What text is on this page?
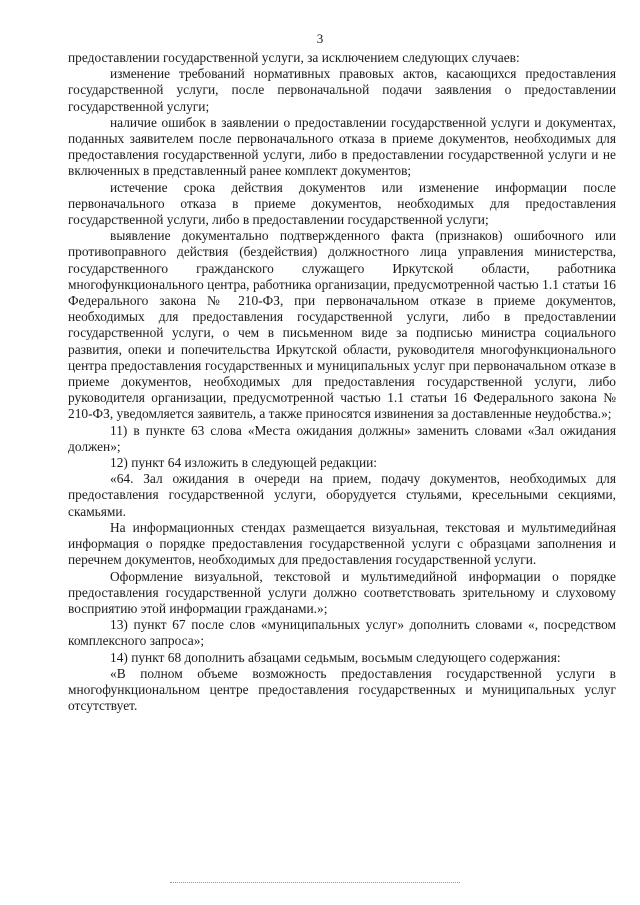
3

предоставлении государственной услуги, за исключением следующих случаев:

изменение требований нормативных правовых актов, касающихся предоставления государственной услуги, после первоначальной подачи заявления о предоставлении государственной услуги;

наличие ошибок в заявлении о предоставлении государственной услуги и документах, поданных заявителем после первоначального отказа в приеме документов, необходимых для предоставления государственной услуги, либо в предоставлении государственной услуги и не включенных в представленный ранее комплект документов;

истечение срока действия документов или изменение информации после первоначального отказа в приеме документов, необходимых для предоставления государственной услуги, либо в предоставлении государственной услуги;

выявление документально подтвержденного факта (признаков) ошибочного или противоправного действия (бездействия) должностного лица управления министерства, государственного гражданского служащего Иркутской области, работника многофункционального центра, работника организации, предусмотренной частью 1.1 статьи 16 Федерального закона № 210-ФЗ, при первоначальном отказе в приеме документов, необходимых для предоставления государственной услуги, либо в предоставлении государственной услуги, о чем в письменном виде за подписью министра социального развития, опеки и попечительства Иркутской области, руководителя многофункционального центра предоставления государственных и муниципальных услуг при первоначальном отказе в приеме документов, необходимых для предоставления государственной услуги, либо руководителя организации, предусмотренной частью 1.1 статьи 16 Федерального закона № 210-ФЗ, уведомляется заявитель, а также приносятся извинения за доставленные неудобства.»;

11) в пункте 63 слова «Места ожидания должны» заменить словами «Зал ожидания должен»;

12) пункт 64 изложить в следующей редакции:

«64. Зал ожидания в очереди на прием, подачу документов, необходимых для предоставления государственной услуги, оборудуется стульями, кресельными секциями, скамьями.

На информационных стендах размещается визуальная, текстовая и мультимедийная информация о порядке предоставления государственной услуги с образцами заполнения и перечнем документов, необходимых для предоставления государственной услуги.

Оформление визуальной, текстовой и мультимедийной информации о порядке предоставления государственной услуги должно соответствовать зрительному и слуховому восприятию этой информации гражданами.»;

13) пункт 67 после слов «муниципальных услуг» дополнить словами «, посредством комплексного запроса»;

14) пункт 68 дополнить абзацами седьмым, восьмым следующего содержания:

«В полном объеме возможность предоставления государственной услуги в многофункциональном центре предоставления государственных и муниципальных услуг отсутствует.
